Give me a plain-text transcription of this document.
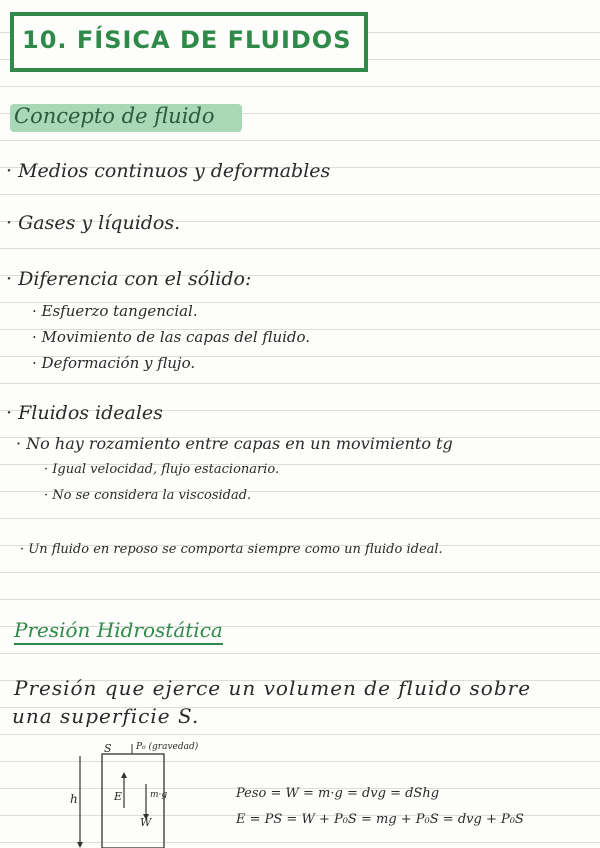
10. FÍSICA DE FLUIDOS
Concepto de fluido
· Medios continuos y deformables
· Gases y líquidos.
· Diferencia con el sólido:
· Esfuerzo tangencial.
· Movimiento de las capas del fluido.
· Deformación y flujo.
· Fluidos ideales
· No hay rozamiento entre capas en un movimiento tg
· Igual velocidad, flujo estacionario.
· No se considera la viscosidad.
· Un fluido en reposo se comporta siempre como un fluido ideal.
Presión Hidrostática
Presión que ejerce un volumen de fluido sobre
una superficie S.
S	P₀ (gravedad)
h	E	m·g
W
Peso = W = m·g = dvg = dShg
E = PS = W + P₀S = mg + P₀S = dvg + P₀S
